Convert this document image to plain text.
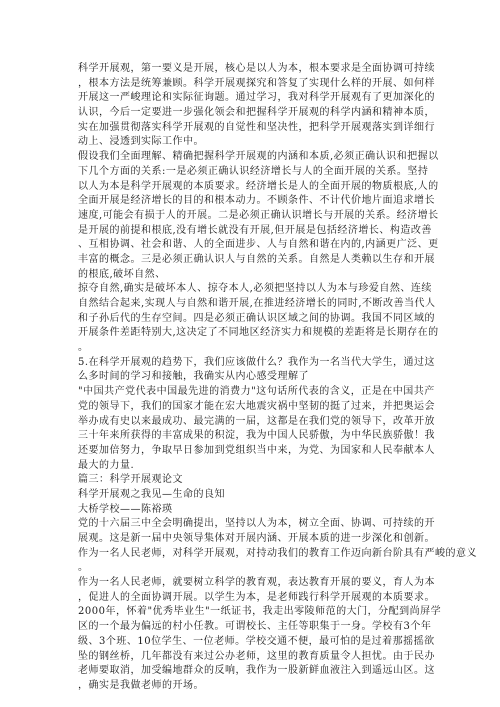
科学开展观，第一要义是开展，核心是以人为本，根本要求是全面协调可持续
，根本方法是统筹兼顾。科学开展观探究和答复了实现什么样的开展、如何样
开展这一严峻理论和实际征询题。通过学习，我对科学开展观有了更加深化的
认识，今后一定要进一步强化领会和把握科学开展观的科学内涵和精神本质，
实在加强贯彻落实科学开展观的自觉性和坚决性，把科学开展观落实到详细行
动上、浸透到实际工作中。
假设我们全面理解、精确把握科学开展观的内涵和本质,必须正确认识和把握以
下几个方面的关系:一是必须正确认识经济增长与人的全面开展的关系。坚持
以人为本是科学开展观的本质要求。经济增长是人的全面开展的物质根底,人的
全面开展是经济增长的目的和根本动力。不顾条件、不计代价地片面追求增长
速度,可能会有损于人的开展。二是必须正确认识增长与开展的关系。经济增长
是开展的前提和根底,没有增长就没有开展,但开展是包括经济增长、构造改善
、互相协调、社会和谐、人的全面进步、人与自然和谐在内的,内涵更广泛、更
丰富的概念。三是必须正确认识人与自然的关系。自然是人类赖以生存和开展
的根底,破坏自然、
掠夺自然,确实是破坏本人、掠夺本人,必须把坚持以人为本与珍爱自然、连续
自然结合起来,实现人与自然和谐开展,在推进经济增长的同时,不断改善当代人
和子孙后代的生存空间。四是必须正确认识区域之间的协调。我国不同区域的
开展条件差距特别大,这决定了不同地区经济实力和规模的差距将是长期存在的
。
5.在科学开展观的趋势下，我们应该做什么？我作为一名当代大学生，通过这
么多时间的学习和接触，我确实从内心感受理解了
"中国共产党代表中国最先进的消费力"这句话所代表的含义，正是在中国共产
党的领导下，我们的国家才能在宏大地震灾祸中坚韧的挺了过来，并把奥运会
举办成有史以来最成功、最完满的一届，这都是在我们党的领导下，改革开放
三十年来所获得的丰富成果的积淀，我为中国人民骄傲，为中华民族骄傲！我
还要加倍努力，争取早日参加到党组织当中来，为党、为国家和人民奉献本人
最大的力量.
篇三：科学开展观论文
科学开展观之我见—生命的良知
大桥学校——陈裕瑛
党的十六届三中全会明确提出，坚持以人为本，树立全面、协调、可持续的开
展观。这是新一届中央领导集体对开展内涵、开展本质的进一步深化和创新。
作为一名人民老师，对科学开展观，对持动我们的教育工作迈向新台阶具有严峻的意义
。
作为一名人民老师，就要树立科学的教育观，表达教育开展的要义，育人为本
，促进人的全面协调开展。以学生为本，是老师践行科学开展观的本质要求。
2000年，怀着"优秀毕业生"一纸证书，我走出零陵师范的大门，分配到尚屏学
区的一个最为偏远的村小任教。可谓校长、主任等职集于一身。学校有3个年
级、3个班、10位学生、一位老师。学校交通不便，最可怕的是过着那摇摇欲
坠的钢丝桥，几年都没有来过公办老师，这里的教育质量令人担忧。由于民办
老师要取消，加受编地群众的反响，我作为一股新鲜血液注入到遥远山区。这
，确实是我做老师的开场。
